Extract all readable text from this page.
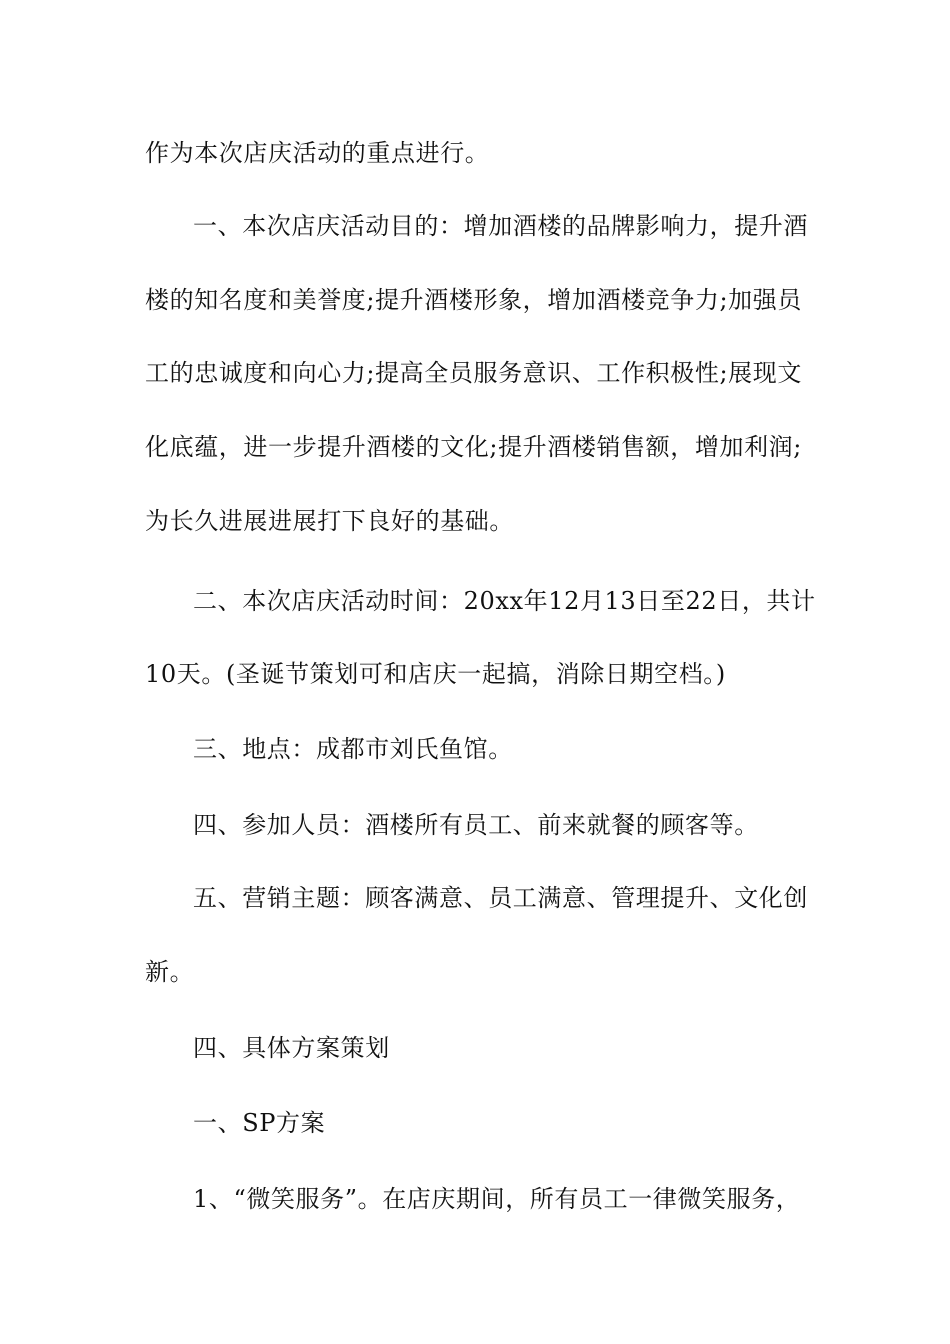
作为本次店庆活动的重点进行。
一、本次店庆活动目的：增加酒楼的品牌影响力，提升酒
楼的知名度和美誉度;提升酒楼形象，增加酒楼竞争力;加强员
工的忠诚度和向心力;提高全员服务意识、工作积极性;展现文
化底蕴，进一步提升酒楼的文化;提升酒楼销售额，增加利润;
为长久进展进展打下良好的基础。
二、本次店庆活动时间：20xx年12月13日至22日，共计
10天。(圣诞节策划可和店庆一起搞，消除日期空档。)
三、地点：成都市刘氏鱼馆。
四、参加人员：酒楼所有员工、前来就餐的顾客等。
五、营销主题：顾客满意、员工满意、管理提升、文化创
新。
四、具体方案策划
一、SP方案
1、“微笑服务”。在店庆期间，所有员工一律微笑服务，
